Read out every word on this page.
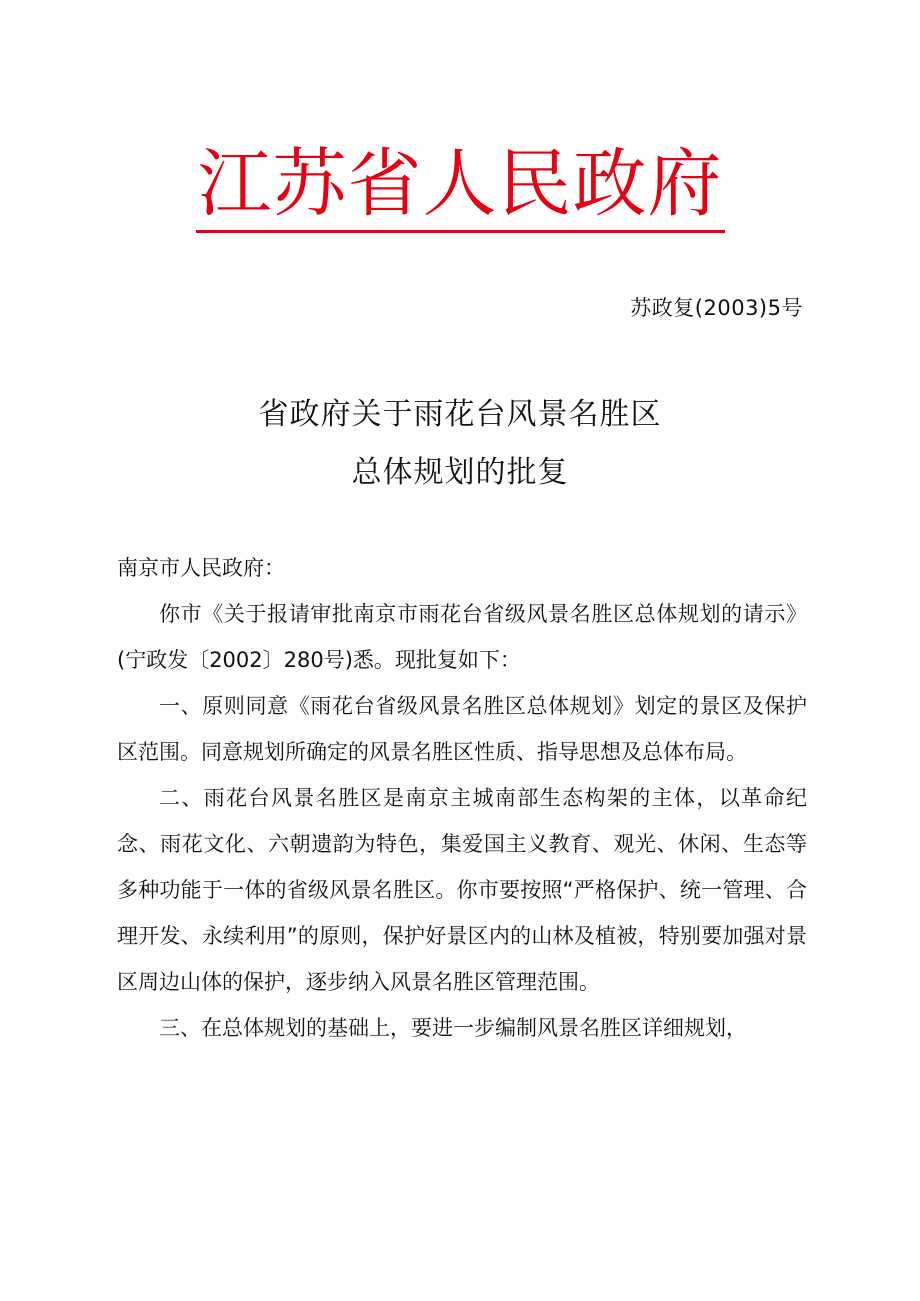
江苏省人民政府
苏政复(2003)5号
省政府关于雨花台风景名胜区
总体规划的批复

南京市人民政府：

你市《关于报请审批南京市雨花台省级风景名胜区总体规划的请示》(宁政发〔2002〕280号)悉。现批复如下：

一、原则同意《雨花台省级风景名胜区总体规划》划定的景区及保护区范围。同意规划所确定的风景名胜区性质、指导思想及总体布局。

二、雨花台风景名胜区是南京主城南部生态构架的主体，以革命纪念、雨花文化、六朝遗韵为特色，集爱国主义教育、观光、休闲、生态等多种功能于一体的省级风景名胜区。你市要按照“严格保护、统一管理、合理开发、永续利用”的原则，保护好景区内的山林及植被，特别要加强对景区周边山体的保护，逐步纳入风景名胜区管理范围。

三、在总体规划的基础上，要进一步编制风景名胜区详细规划，
